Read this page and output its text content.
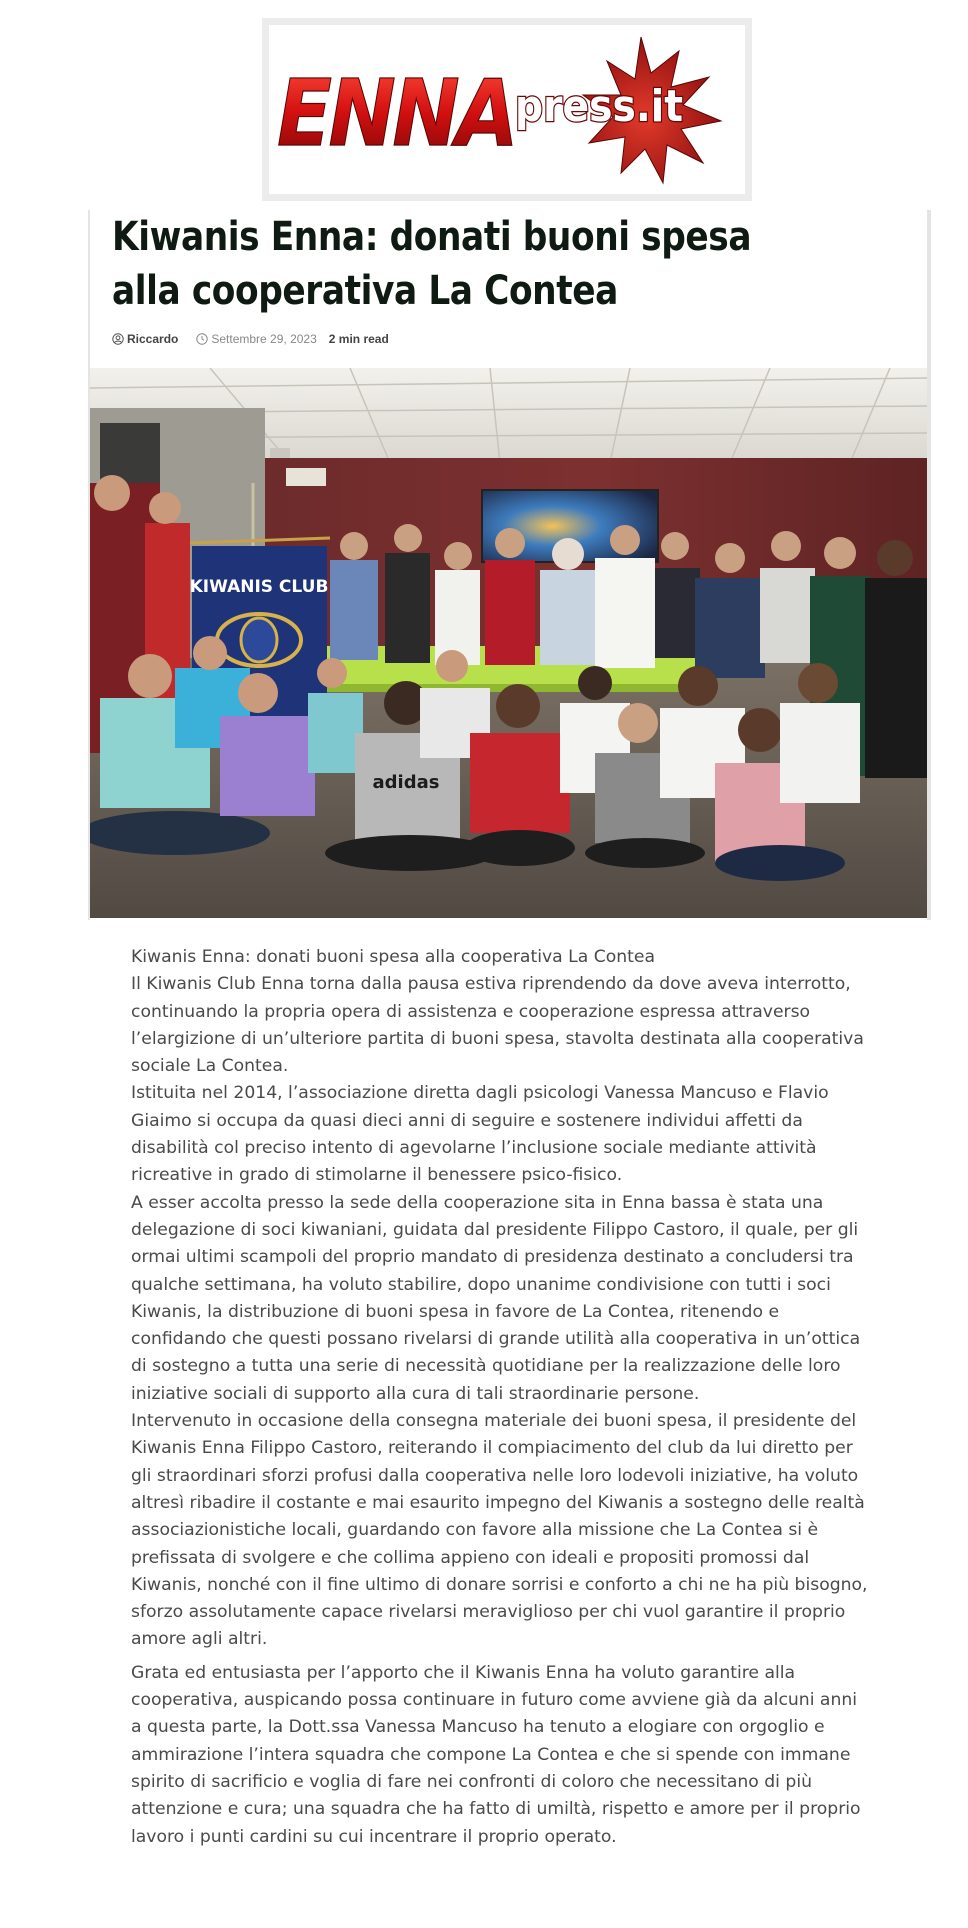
ENNA press.it
Kiwanis Enna: donati buoni spesa alla cooperativa La Contea
Riccardo	Settembre 29, 2023 2 min read
KIWANIS CLUB
adidas

Kiwanis Enna: donati buoni spesa alla cooperativa La Contea

Il Kiwanis Club Enna torna dalla pausa estiva riprendendo da dove aveva interrotto, continuando la propria opera di assistenza e cooperazione espressa attraverso l’elargizione di un’ulteriore partita di buoni spesa, stavolta destinata alla cooperativa sociale La Contea.

Istituita nel 2014, l’associazione diretta dagli psicologi Vanessa Mancuso e Flavio Giaimo si occupa da quasi dieci anni di seguire e sostenere individui affetti da disabilità col preciso intento di agevolarne l’inclusione sociale mediante attività ricreative in grado di stimolarne il benessere psico-fisico.

A esser accolta presso la sede della cooperazione sita in Enna bassa è stata una delegazione di soci kiwaniani, guidata dal presidente Filippo Castoro, il quale, per gli ormai ultimi scampoli del proprio mandato di presidenza destinato a concludersi tra qualche settimana, ha voluto stabilire, dopo unanime condivisione con tutti i soci Kiwanis, la distribuzione di buoni spesa in favore de La Contea, ritenendo e confidando che questi possano rivelarsi di grande utilità alla cooperativa in un’ottica di sostegno a tutta una serie di necessità quotidiane per la realizzazione delle loro iniziative sociali di supporto alla cura di tali straordinarie persone.

Intervenuto in occasione della consegna materiale dei buoni spesa, il presidente del Kiwanis Enna Filippo Castoro, reiterando il compiacimento del club da lui diretto per gli straordinari sforzi profusi dalla cooperativa nelle loro lodevoli iniziative, ha voluto altresì ribadire il costante e mai esaurito impegno del Kiwanis a sostegno delle realtà associazionistiche locali, guardando con favore alla missione che La Contea si è prefissata di svolgere e che collima appieno con ideali e propositi promossi dal Kiwanis, nonché con il fine ultimo di donare sorrisi e conforto a chi ne ha più bisogno, sforzo assolutamente capace rivelarsi meraviglioso per chi vuol garantire il proprio amore agli altri.

Grata ed entusiasta per l’apporto che il Kiwanis Enna ha voluto garantire alla cooperativa, auspicando possa continuare in futuro come avviene già da alcuni anni a questa parte, la Dott.ssa Vanessa Mancuso ha tenuto a elogiare con orgoglio e ammirazione l’intera squadra che compone La Contea e che si spende con immane spirito di sacrificio e voglia di fare nei confronti di coloro che necessitano di più attenzione e cura; una squadra che ha fatto di umiltà, rispetto e amore per il proprio lavoro i punti cardini su cui incentrare il proprio operato.
